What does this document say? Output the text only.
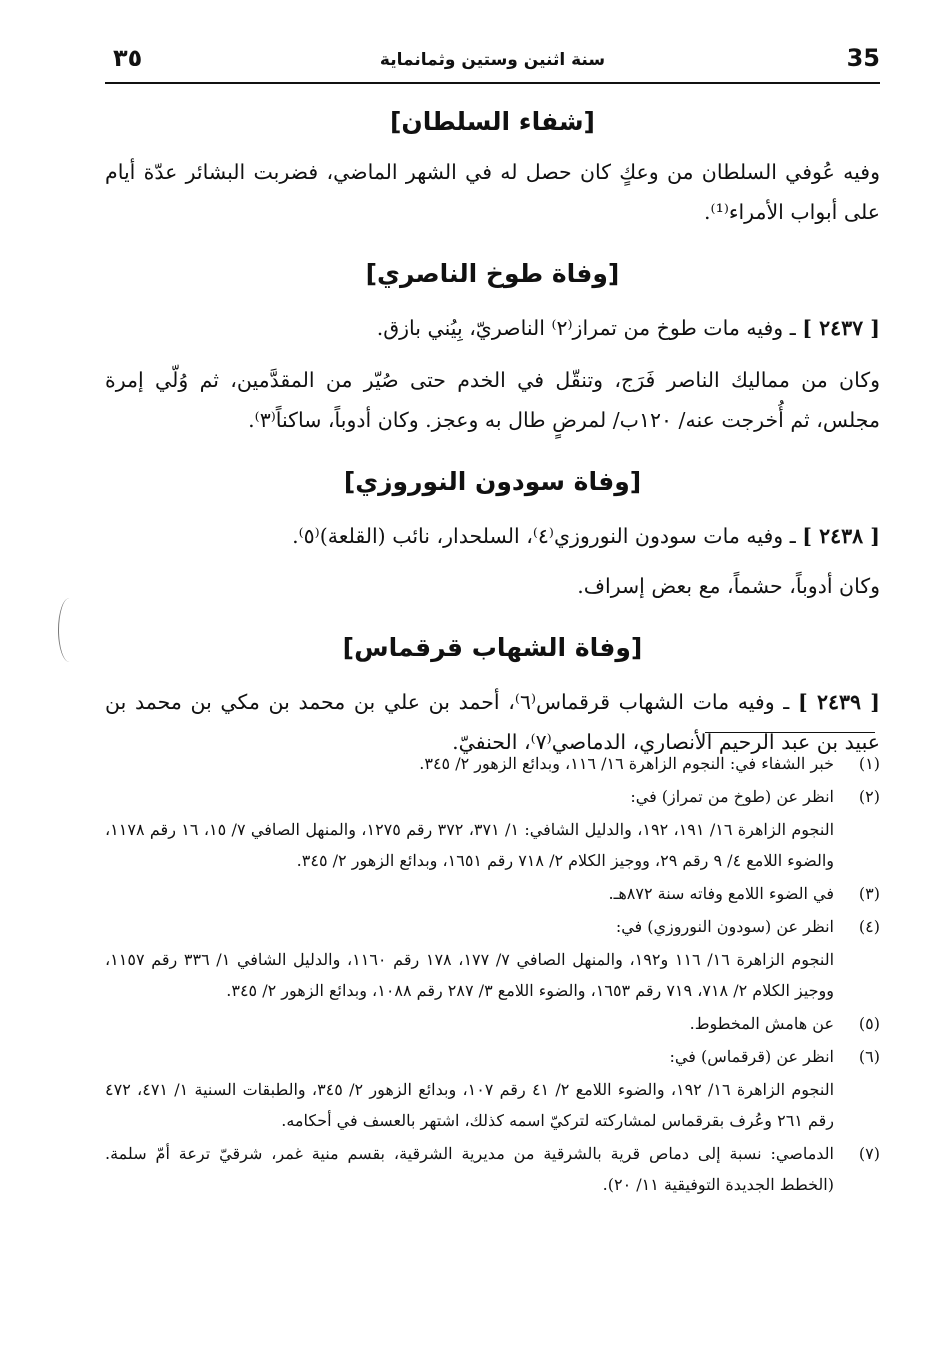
35
سنة اثنين وستين وثمانماية
٣٥
[شفاء السلطان]

وفيه عُوفي السلطان من وعكٍ كان حصل له في الشهر الماضي، فضربت البشائر عدّة أيام على أبواب الأمراء⁽¹⁾.

[وفاة طوخ الناصري]

[ ٢٤٣٧ ] ـ وفيه مات طوخ من تمراز⁽٢⁾ الناصريّ، بِيُني بازق.

وكان من مماليك الناصر فَرَج، وتنقّل في الخدم حتى صُيّر من المقدَّمين، ثم وُلّي إمرة مجلس، ثم أُخرجت عنه/ ١٢٠ب/ لمرضٍ طال به وعجز. وكان أدوباً، ساكناً⁽٣⁾.

[وفاة سودون النوروزي]

[ ٢٤٣٨ ] ـ وفيه مات سودون النوروزي⁽٤⁾، السلحدار، نائب (القلعة)⁽٥⁾.

وكان أدوباً، حشماً، مع بعض إسراف.

[وفاة الشهاب قرقماس]

[ ٢٤٣٩ ] ـ وفيه مات الشهاب قرقماس⁽٦⁾، أحمد بن علي بن محمد بن مكي بن محمد بن عبيد بن عبد الرحيم الأنصاري، الدماصي⁽٧⁾، الحنفيّ.

(١)
خبر الشفاء في: النجوم الزاهرة ١٦/ ١١٦، وبدائع الزهور ٢/ ٣٤٥.
(٢)
انظر عن (طوخ من تمراز) في:
النجوم الزاهرة ١٦/ ١٩١، ١٩٢، والدليل الشافي: ١/ ٣٧١، ٣٧٢ رقم ١٢٧٥، والمنهل الصافي ٧/ ١٥، ١٦ رقم ١١٧٨، والضوء اللامع ٤/ ٩ رقم ٢٩، ووجيز الكلام ٢/ ٧١٨ رقم ١٦٥١، وبدائع الزهور ٢/ ٣٤٥.
(٣)
في الضوء اللامع وفاته سنة ٨٧٢هـ.
(٤)
انظر عن (سودون النوروزي) في:
النجوم الزاهرة ١٦/ ١١٦ و١٩٢، والمنهل الصافي ٧/ ١٧٧، ١٧٨ رقم ١١٦٠، والدليل الشافي ١/ ٣٣٦ رقم ١١٥٧، ووجيز الكلام ٢/ ٧١٨، ٧١٩ رقم ١٦٥٣، والضوء اللامع ٣/ ٢٨٧ رقم ١٠٨٨، وبدائع الزهور ٢/ ٣٤٥.
(٥)
عن هامش المخطوط.
(٦)
انظر عن (قرقماس) في:
النجوم الزاهرة ١٦/ ١٩٢، والضوء اللامع ٢/ ٤١ رقم ١٠٧، وبدائع الزهور ٢/ ٣٤٥، والطبقات السنية ١/ ٤٧١، ٤٧٢ رقم ٢٦١ وعُرف بقرقماس لمشاركته لتركيّ اسمه كذلك، اشتهر بالعسف في أحكامه.
(٧)
الدماصي: نسبة إلى دماص قرية بالشرقية من مديرية الشرقية، بقسم منية غمر، شرقيّ ترعة أمّ سلمة. (الخطط الجديدة التوفيقية ١١/ ٢٠).
